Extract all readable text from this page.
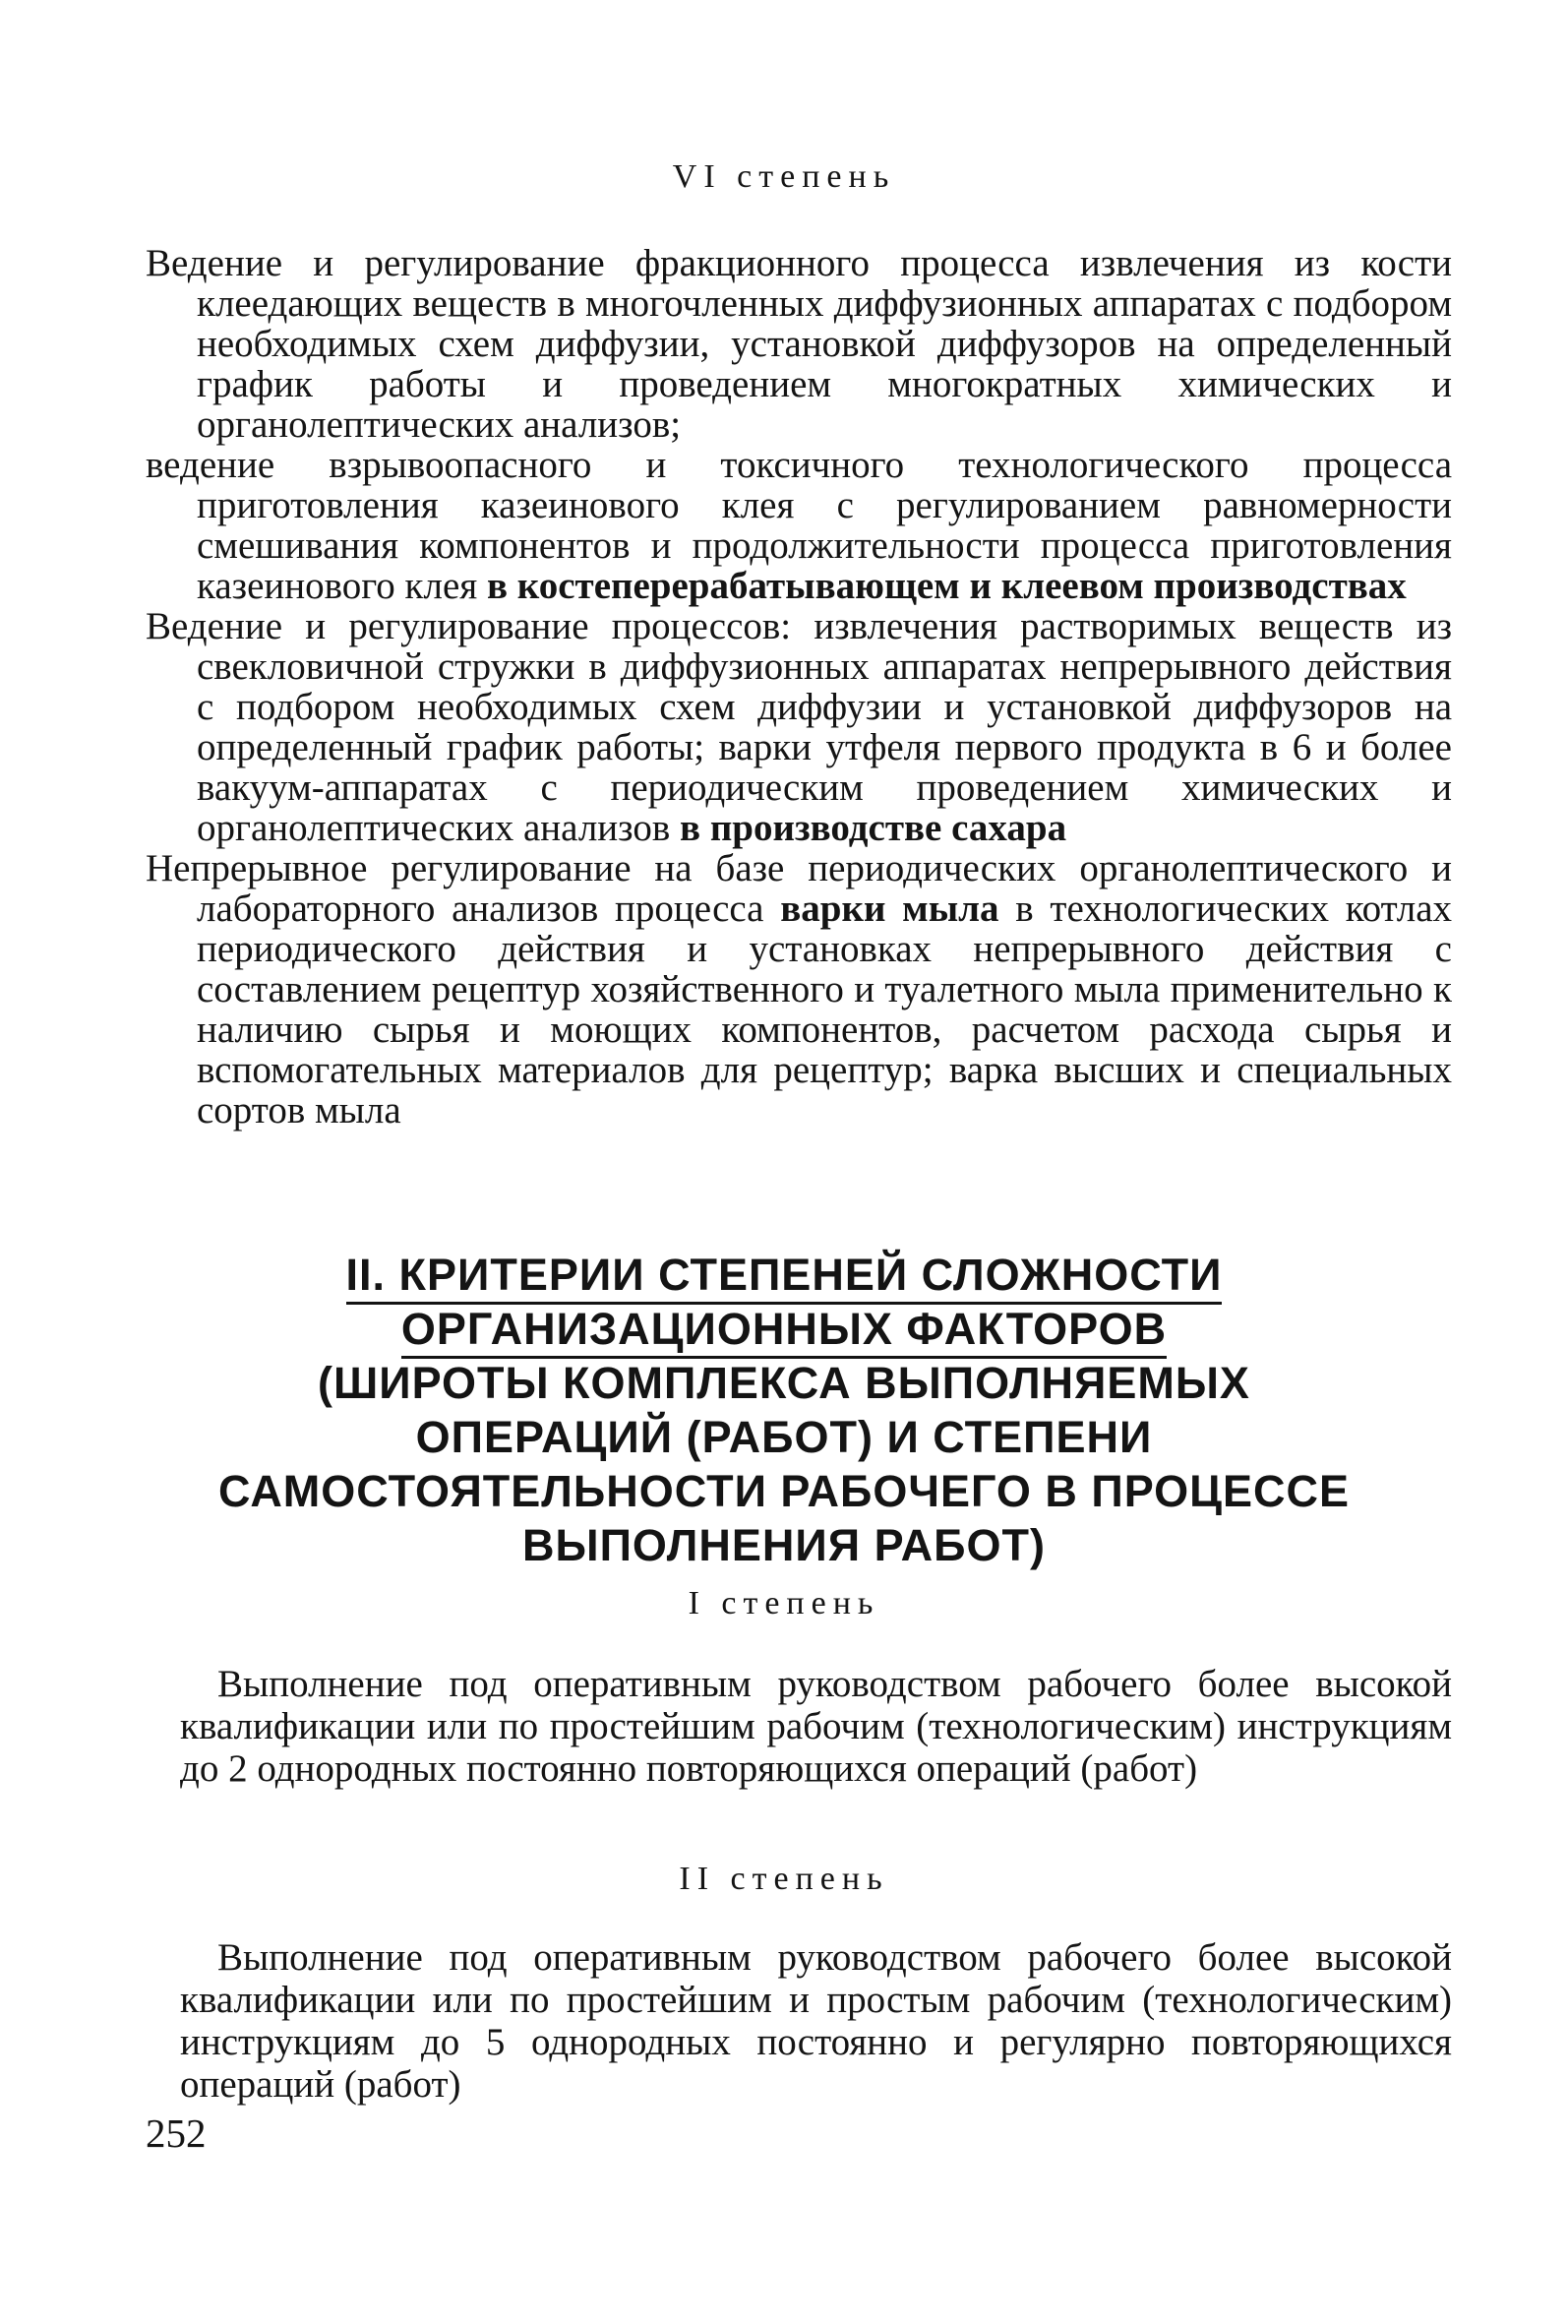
VI степень

Ведение и регулирование фракционного процесса извлечения из кости клеедающих веществ в многочленных диффузионных аппаратах с подбором необходимых схем диффузии, установкой диффузоров на определенный график работы и проведением многократных химических и органолептических анализов;

ведение взрывоопасного и токсичного технологического процесса приготовления казеинового клея с регулированием равномерности смешивания компонентов и продолжительности процесса приготовления казеинового клея в костеперерабатывающем и клеевом производствах

Ведение и регулирование процессов: извлечения растворимых веществ из свекловичной стружки в диффузионных аппаратах непрерывного действия с подбором необходимых схем диффузии и установкой диффузоров на определенный график работы; варки утфеля первого продукта в 6 и более вакуум-аппаратах с периодическим проведением химических и органолептических анализов в производстве сахара

Непрерывное регулирование на базе периодических органолептического и лабораторного анализов процесса варки мыла в технологических котлах периодического действия и установках непрерывного действия с составлением рецептур хозяйственного и туалетного мыла применительно к наличию сырья и моющих компонентов, расчетом расхода сырья и вспомогательных материалов для рецептур; варка высших и специальных сортов мыла

II. КРИТЕРИИ СТЕПЕНЕЙ СЛОЖНОСТИ
ОРГАНИЗАЦИОННЫХ ФАКТОРОВ
(ШИРОТЫ КОМПЛЕКСА ВЫПОЛНЯЕМЫХ
ОПЕРАЦИЙ (РАБОТ) И СТЕПЕНИ
САМОСТОЯТЕЛЬНОСТИ РАБОЧЕГО В ПРОЦЕССЕ
ВЫПОЛНЕНИЯ РАБОТ)
I степень

Выполнение под оперативным руководством рабочего более высокой квалификации или по простейшим рабочим (технологическим) инструкциям до 2 однородных постоянно повторяющихся операций (работ)

II степень

Выполнение под оперативным руководством рабочего более высокой квалификации или по простейшим и простым рабочим (технологическим) инструкциям до 5 однородных постоянно и регулярно повторяющихся операций (работ)

252
